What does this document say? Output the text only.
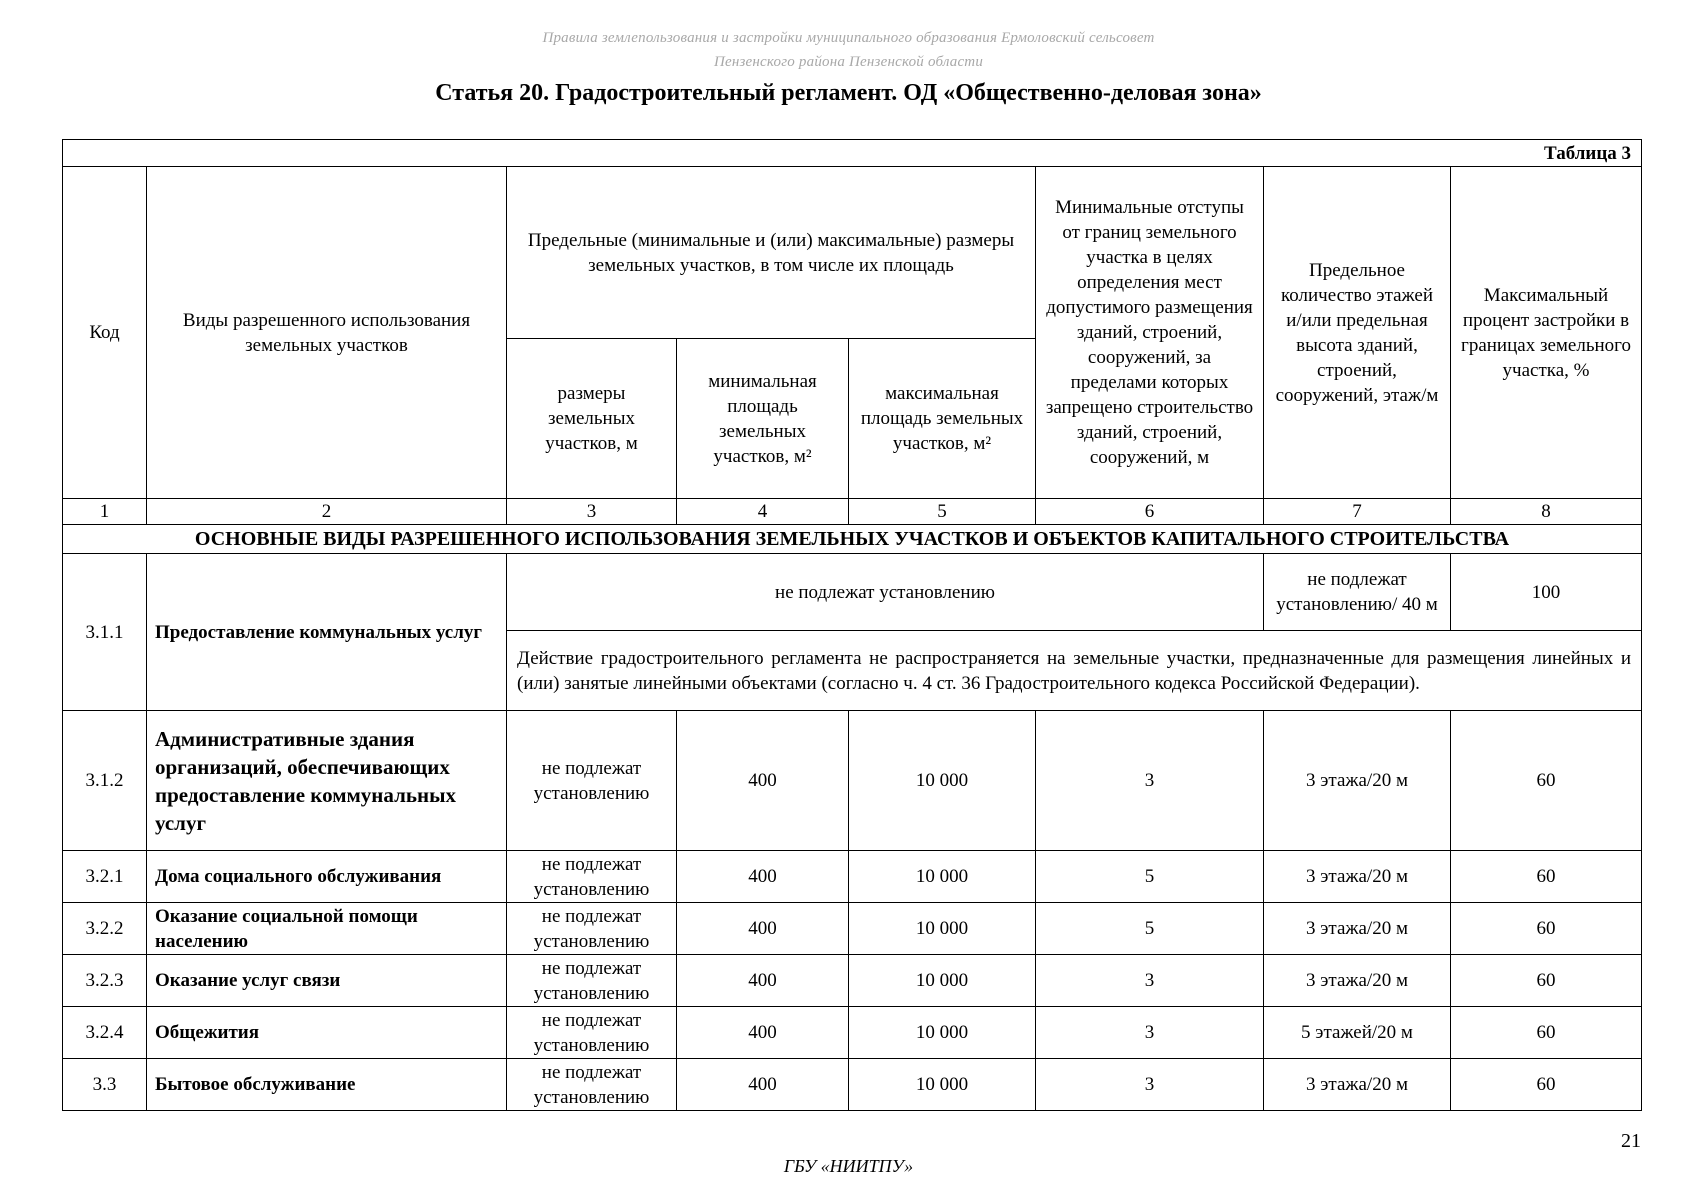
Правила землепользования и застройки муниципального образования Ермоловский сельсовет
Пензенского района Пензенской области
Статья 20. Градостроительный регламент. ОД «Общественно-деловая зона»
Таблица 3							
Код	Виды разрешенного использования земельных участков	Предельные (минимальные и (или) максимальные) размеры земельных участков, в том числе их площадь			Минимальные отступы от границ земельного участка в целях определения мест допустимого размещения зданий, строений, сооружений, за пределами которых запрещено строительство зданий, строений, сооружений, м	Предельное количество этажей и/или предельная высота зданий, строений, сооружений, этаж/м	Максимальный процент застройки в границах земельного участка, %
		размеры земельных участков, м	минимальная площадь земельных участков, м²	максимальная площадь земельных участков, м²			
1	2	3	4	5	6	7	8
ОСНОВНЫЕ ВИДЫ РАЗРЕШЕННОГО ИСПОЛЬЗОВАНИЯ ЗЕМЕЛЬНЫХ УЧАСТКОВ И ОБЪЕКТОВ КАПИТАЛЬНОГО СТРОИТЕЛЬСТВА							
3.1.1	Предоставление коммунальных услуг	не подлежат установлению				не подлежат установлению/ 40 м	100
		Действие градостроительного регламента не распространяется на земельные участки, предназначенные для размещения линейных и (или) занятые линейными объектами (согласно ч. 4 ст. 36 Градостроительного кодекса Российской Федерации).					
3.1.2	Административные здания организаций, обеспечивающих предоставление коммунальных услуг	не подлежат установлению	400	10 000	3	3 этажа/20 м	60
3.2.1	Дома социального обслуживания	не подлежат установлению	400	10 000	5	3 этажа/20 м	60
3.2.2	Оказание социальной помощи населению	не подлежат установлению	400	10 000	5	3 этажа/20 м	60
3.2.3	Оказание услуг связи	не подлежат установлению	400	10 000	3	3 этажа/20 м	60
3.2.4	Общежития	не подлежат установлению	400	10 000	3	5 этажей/20 м	60
3.3	Бытовое обслуживание	не подлежат установлению	400	10 000	3	3 этажа/20 м	60
21
ГБУ «НИИТПУ»
